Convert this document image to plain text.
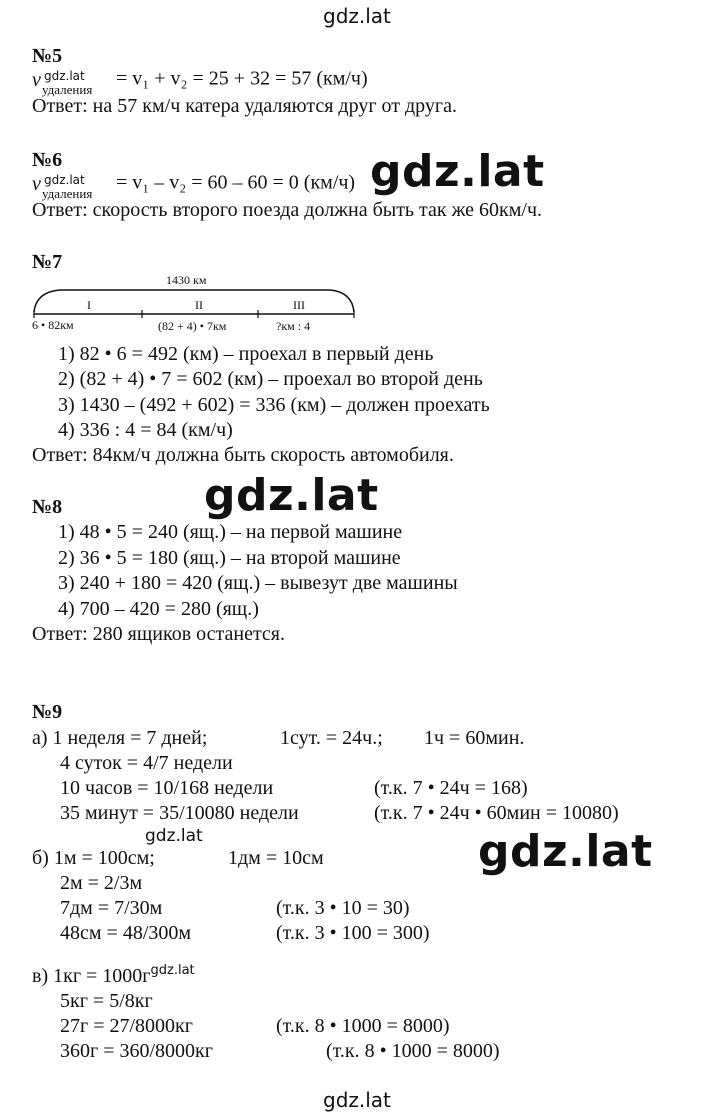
gdz.lat
gdz.lat
gdz.lat
gdz.lat
gdz.lat
gdz.lat
№5
v gdz.lat
удаления = v₁ + v₂ = 25 + 32 = 57 (км/ч)
Ответ: на 57 км/ч катера удаляются друг от друга.
№6
v gdz.lat
удаления = v₁ – v₂ = 60 – 60 = 0 (км/ч)
Ответ: скорость второго поезда должна быть так же 60км/ч.
№7
1430 км
I	II	III
6 • 82км	(82 + 4) • 7км	?км : 4
1) 82 • 6 = 492 (км) – проехал в первый день
2) (82 + 4) • 7 = 602 (км) – проехал во второй день
3) 1430 – (492 + 602) = 336 (км) – должен проехать
4) 336 : 4 = 84 (км/ч)
Ответ: 84км/ч должна быть скорость автомобиля.
№8
1) 48 • 5 = 240 (ящ.) – на первой машине
2) 36 • 5 = 180 (ящ.) – на второй машине
3) 240 + 180 = 420 (ящ.) – вывезут две машины
4) 700 – 420 = 280 (ящ.)
Ответ: 280 ящиков останется.
№9
а) 1 неделя = 7 дней;	1сут. = 24ч.; 1ч = 60мин.
4 суток = 4/7 недели
10 часов = 10/168 недели	(т.к. 7 • 24ч = 168)
35 минут = 35/10080 недели	(т.к. 7 • 24ч • 60мин = 10080)
б) 1м = 100см;	1дм = 10см
2м = 2/3м
7дм = 7/30м	(т.к. 3 • 10 = 30)
48см = 48/300м	(т.к. 3 • 100 = 300)
в) $1кг = 1000г^{gdz.lat}$
5кг = 5/8кг
27г = 27/8000кг	(т.к. 8 • 1000 = 8000)
360г = 360/8000кг	(т.к. 8 • 1000 = 8000)
